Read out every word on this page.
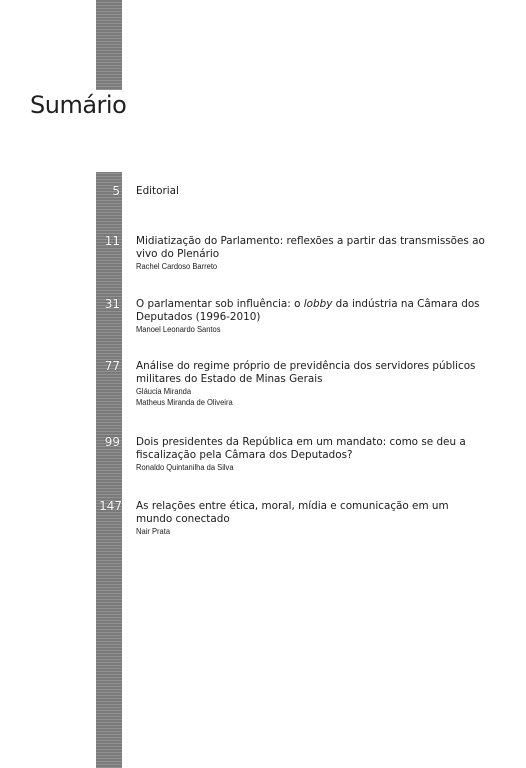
Sumário
5 Editorial

11 Midiatização do Parlamento: reflexões a partir das transmissões ao vivo do Plenário

Rachel Cardoso Barreto
31 O parlamentar sob influência: o lobby da indústria na Câmara dos Deputados (1996-2010)

Manoel Leonardo Santos
77 Análise do regime próprio de previdência dos servidores públicos militares do Estado de Minas Gerais

Gláucia Miranda
Matheus Miranda de Oliveira
99 Dois presidentes da República em um mandato: como se deu a fiscalização pela Câmara dos Deputados?

Ronaldo Quintanilha da Silva
147 As relações entre ética, moral, mídia e comunicação em um mundo conectado

Nair Prata
